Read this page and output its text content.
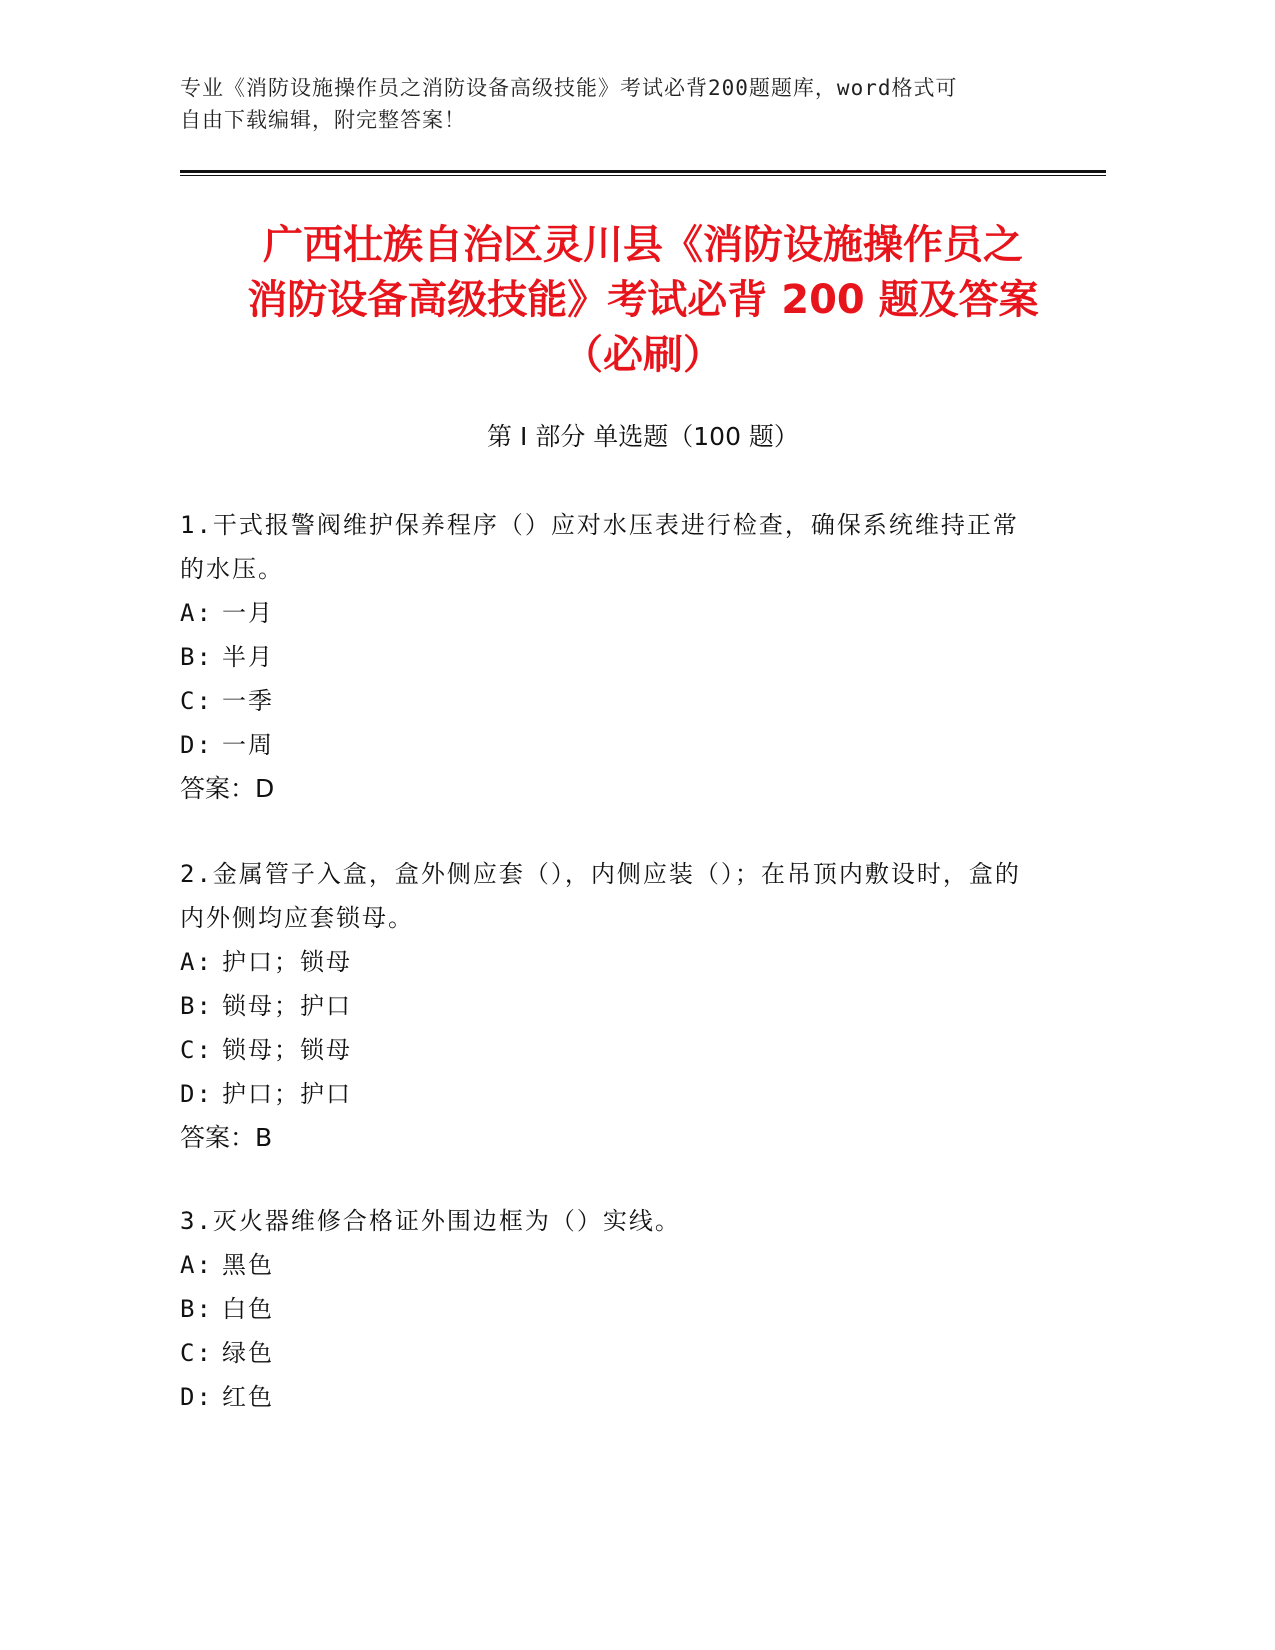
专业《消防设施操作员之消防设备高级技能》考试必背200题题库，word格式可
自由下载编辑，附完整答案！
广西壮族自治区灵川县《消防设施操作员之
消防设备高级技能》考试必背 200 题及答案
（必刷）
第 I 部分 单选题（100 题）
1.干式报警阀维护保养程序（）应对水压表进行检查，确保系统维持正常的水压。
A: 一月
B: 半月
C: 一季
D: 一周
答案：D
2.金属管子入盒，盒外侧应套（），内侧应装（）；在吊顶内敷设时，盒的内外侧均应套锁母。
A: 护口；锁母
B: 锁母；护口
C: 锁母；锁母
D: 护口；护口
答案：B
3.灭火器维修合格证外围边框为（）实线。
A: 黑色
B: 白色
C: 绿色
D: 红色
